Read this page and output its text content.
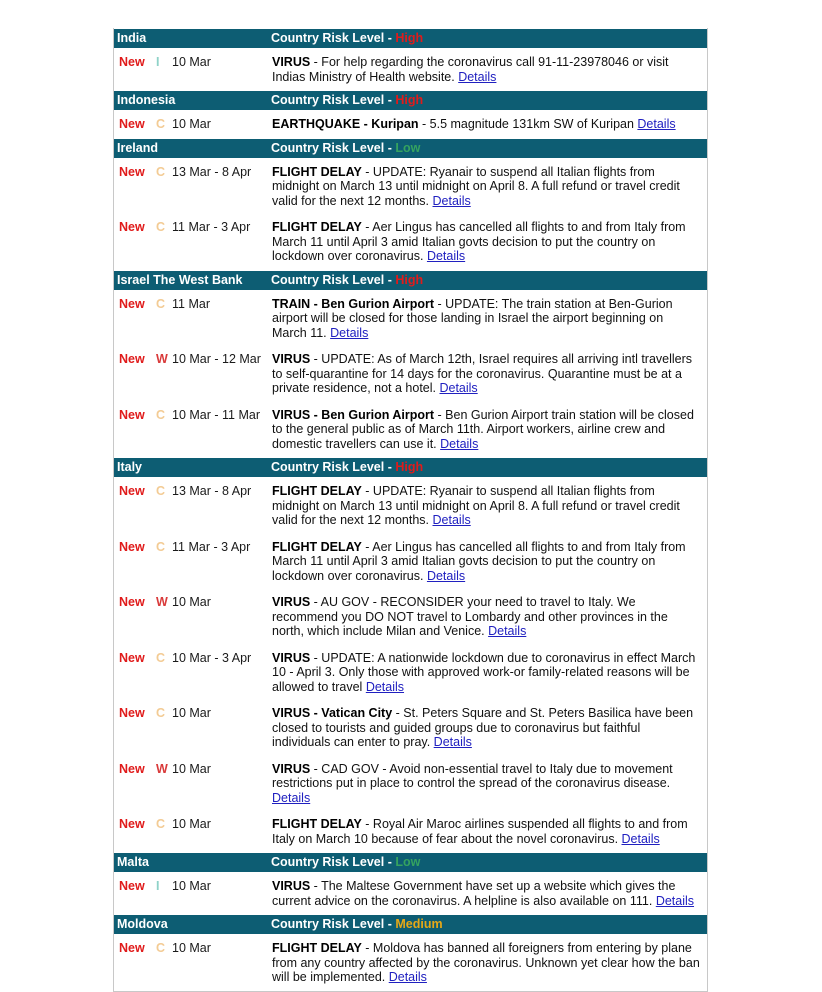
India	Country Risk Level - High
New I	10 Mar	VIRUS - For help regarding the coronavirus call 91-11-23978046 or visit Indias Ministry of Health website. Details
Indonesia	Country Risk Level - High
New C 10 Mar	EARTHQUAKE - Kuripan - 5.5 magnitude 131km SW of Kuripan Details
Ireland	Country Risk Level - Low
New C 13 Mar - 8 Apr	FLIGHT DELAY - UPDATE: Ryanair to suspend all Italian flights from midnight on March 13 until midnight on April 8. A full refund or travel credit valid for the next 12 months. Details
New C 11 Mar - 3 Apr	FLIGHT DELAY - Aer Lingus has cancelled all flights to and from Italy from March 11 until April 3 amid Italian govts decision to put the country on lockdown over coronavirus. Details
Israel The West Bank	Country Risk Level - High
New C 11 Mar	TRAIN - Ben Gurion Airport - UPDATE: The train station at Ben-Gurion airport will be closed for those landing in Israel the airport beginning on March 11. Details
New W 10 Mar - 12 Mar VIRUS - UPDATE: As of March 12th, Israel requires all arriving intl travellers to self-quarantine for 14 days for the coronavirus. Quarantine must be at a private residence, not a hotel. Details
New C 10 Mar - 11 Mar VIRUS - Ben Gurion Airport - Ben Gurion Airport train station will be closed to the general public as of March 11th. Airport workers, airline crew and domestic travellers can use it. Details
Italy	Country Risk Level - High
New C 13 Mar - 8 Apr	FLIGHT DELAY - UPDATE: Ryanair to suspend all Italian flights from midnight on March 13 until midnight on April 8. A full refund or travel credit valid for the next 12 months. Details
New C 11 Mar - 3 Apr	FLIGHT DELAY - Aer Lingus has cancelled all flights to and from Italy from March 11 until April 3 amid Italian govts decision to put the country on lockdown over coronavirus. Details
New W 10 Mar	VIRUS - AU GOV - RECONSIDER your need to travel to Italy. We recommend you DO NOT travel to Lombardy and other provinces in the north, which include Milan and Venice. Details
New C 10 Mar - 3 Apr	VIRUS - UPDATE: A nationwide lockdown due to coronavirus in effect March 10 - April 3. Only those with approved work-or family-related reasons will be allowed to travel Details
New C 10 Mar	VIRUS - Vatican City - St. Peters Square and St. Peters Basilica have been closed to tourists and guided groups due to coronavirus but faithful individuals can enter to pray. Details
New W 10 Mar	VIRUS - CAD GOV - Avoid non-essential travel to Italy due to movement restrictions put in place to control the spread of the coronavirus disease. Details
New C 10 Mar	FLIGHT DELAY - Royal Air Maroc airlines suspended all flights to and from Italy on March 10 because of fear about the novel coronavirus. Details
Malta	Country Risk Level - Low
New I	10 Mar	VIRUS - The Maltese Government have set up a website which gives the current advice on the coronavirus. A helpline is also available on 111. Details
Moldova	Country Risk Level - Medium
New C 10 Mar	FLIGHT DELAY - Moldova has banned all foreigners from entering by plane from any country affected by the coronavirus. Unknown yet clear how the ban will be implemented. Details
